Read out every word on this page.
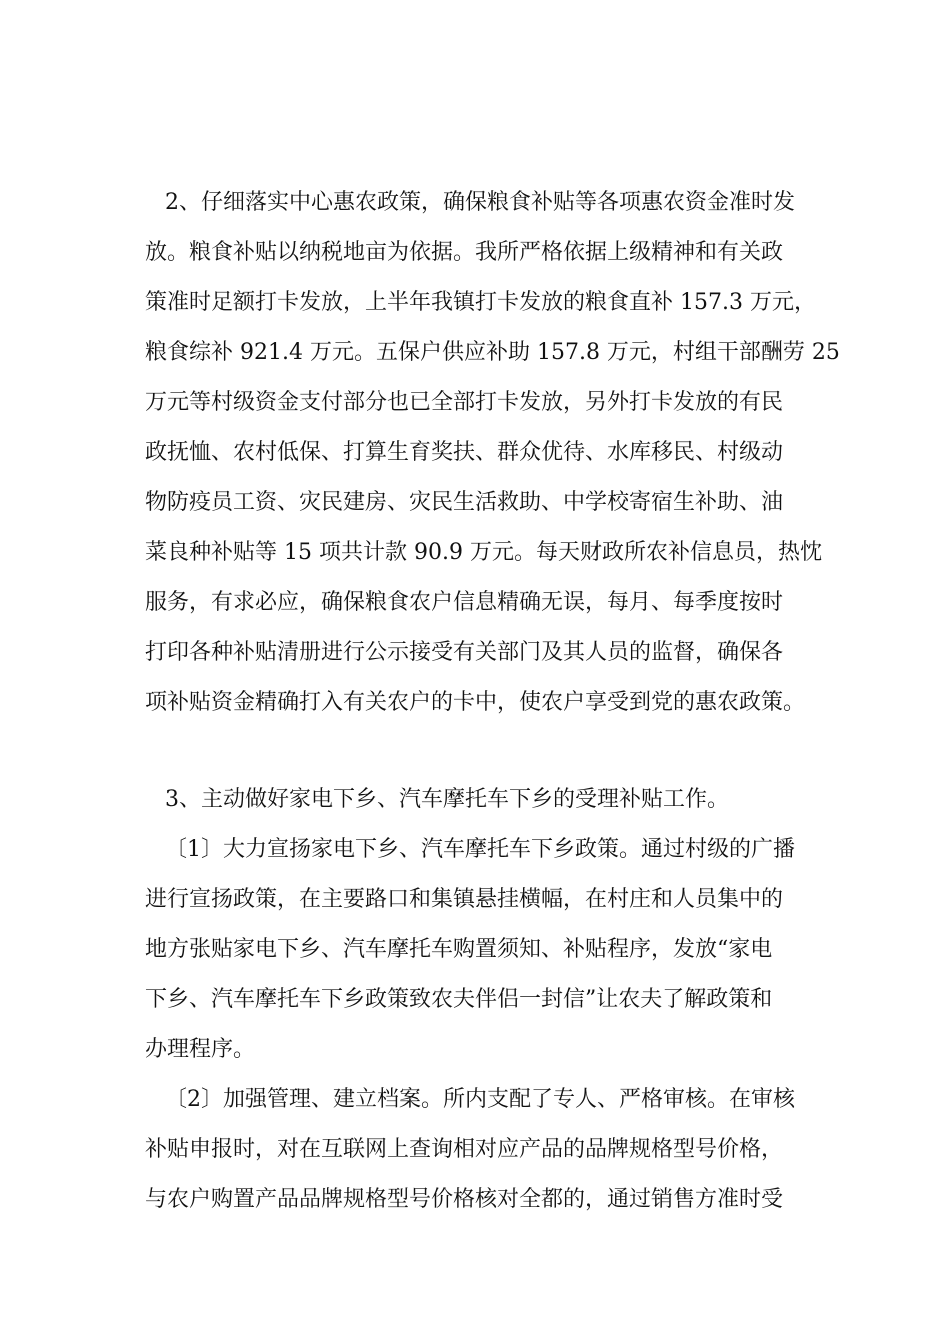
2、仔细落实中心惠农政策，确保粮食补贴等各项惠农资金准时发
放。粮食补贴以纳税地亩为依据。我所严格依据上级精神和有关政
策准时足额打卡发放，上半年我镇打卡发放的粮食直补 157.3 万元，
粮食综补 921.4 万元。五保户供应补助 157.8 万元，村组干部酬劳 25
万元等村级资金支付部分也已全部打卡发放，另外打卡发放的有民
政抚恤、农村低保、打算生育奖扶、群众优待、水库移民、村级动
物防疫员工资、灾民建房、灾民生活救助、中学校寄宿生补助、油
菜良种补贴等 15 项共计款 90.9 万元。每天财政所农补信息员，热忱
服务，有求必应，确保粮食农户信息精确无误，每月、每季度按时
打印各种补贴清册进行公示接受有关部门及其人员的监督，确保各
项补贴资金精确打入有关农户的卡中，使农户享受到党的惠农政策。
3、主动做好家电下乡、汽车摩托车下乡的受理补贴工作。
〔1〕大力宣扬家电下乡、汽车摩托车下乡政策。通过村级的广播
进行宣扬政策，在主要路口和集镇悬挂横幅，在村庄和人员集中的
地方张贴家电下乡、汽车摩托车购置须知、补贴程序，发放“家电
下乡、汽车摩托车下乡政策致农夫伴侣一封信”让农夫了解政策和
办理程序。
〔2〕加强管理、建立档案。所内支配了专人、严格审核。在审核
补贴申报时，对在互联网上查询相对应产品的品牌规格型号价格，
与农户购置产品品牌规格型号价格核对全都的，通过销售方准时受
